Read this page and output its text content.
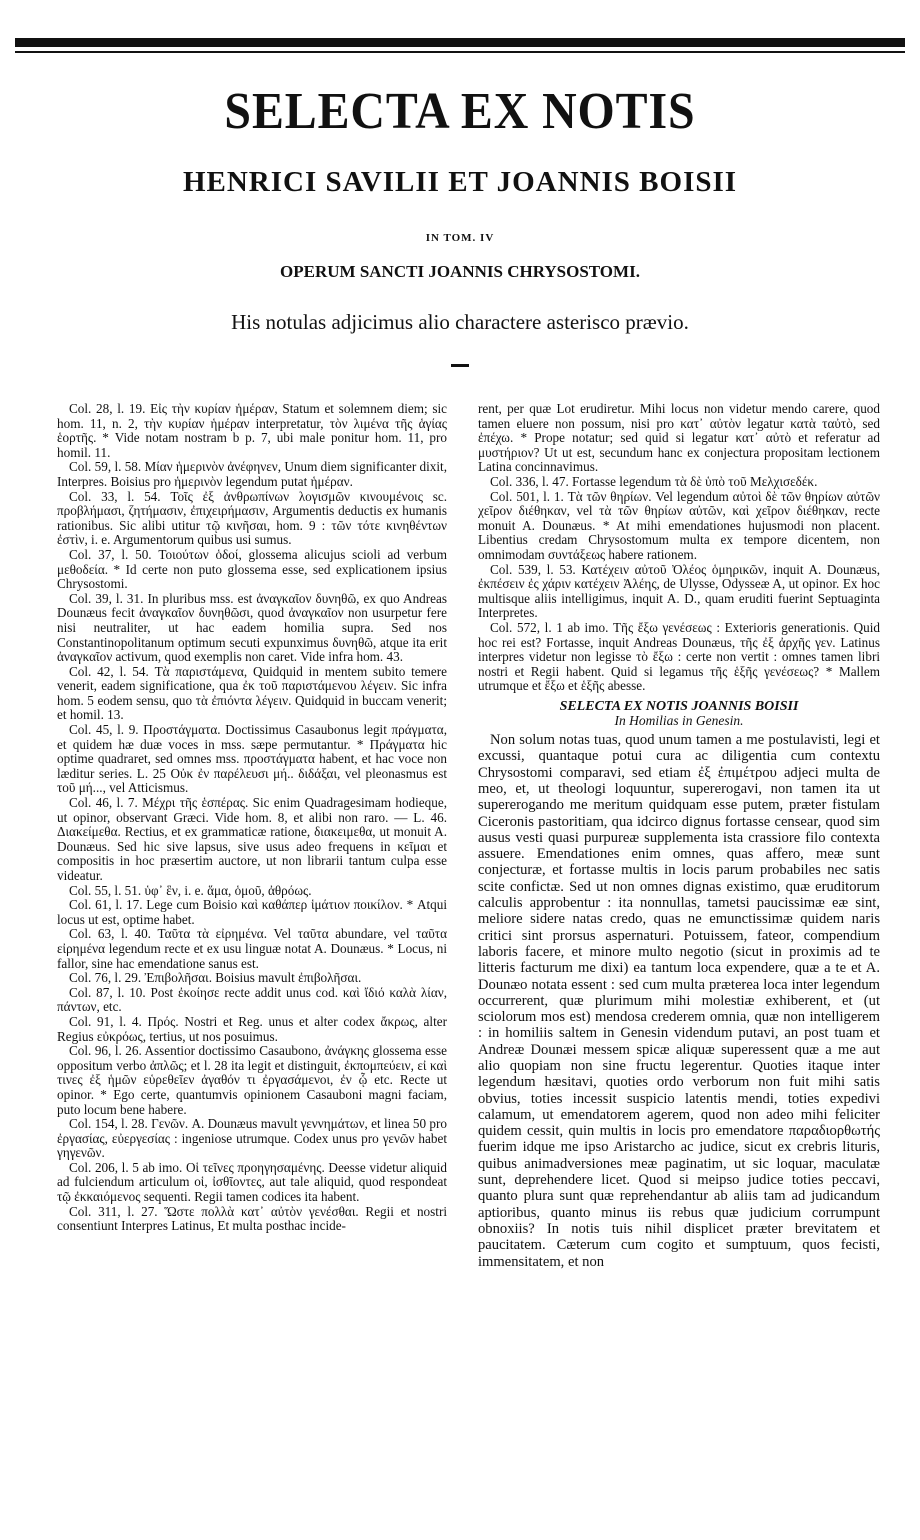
SELECTA EX NOTIS
HENRICI SAVILII ET JOANNIS BOISII
IN TOM. IV
OPERUM SANCTI JOANNIS CHRYSOSTOMI.
His notulas adjicimus alio charactere asterisco prævio.

Col. 28, l. 19. Εἰς τὴν κυρίαν ἡμέραν, Statum et solemnem diem; sic hom. 11, n. 2, τὴν κυρίαν ἡμέραν interpretatur, τὸν λιμένα τῆς ἁγίας ἑορτῆς. * Vide notam nostram b p. 7, ubi male ponitur hom. 11, pro homil. 11.

Col. 59, l. 58. Μίαν ἡμερινὸν ἀνέφηνεν, Unum diem significanter dixit, Interpres. Boisius pro ἡμερινὸν legendum putat ἡμέραν.

Col. 33, l. 54. Τοῖς ἐξ ἀνθρωπίνων λογισμῶν κινουμένοις sc. προβλήμασι, ζητήμασιν, ἐπιχειρήμασιν, Argumentis deductis ex humanis rationibus. Sic alibi utitur τῷ κινῆσαι, hom. 9 : τῶν τότε κινηθέντων ἐστὶν, i. e. Argumentorum quibus usi sumus.

Col. 37, l. 50. Τοιούτων ὁδοί, glossema alicujus scioli ad verbum μεθοδεία. * Id certe non puto glossema esse, sed explicationem ipsius Chrysostomi.

Col. 39, l. 31. In pluribus mss. est ἀναγκαῖον δυνηθῶ, ex quo Andreas Dounæus fecit ἀναγκαῖον δυνηθῶσι, quod ἀναγκαῖον non usurpetur fere nisi neutraliter, ut hac eadem homilia supra. Sed nos Constantinopolitanum optimum secuti expunximus δυνηθῶ, atque ita erit ἀναγκαῖον activum, quod exemplis non caret. Vide infra hom. 43.

Col. 42, l. 54. Τὰ παριστάμενα, Quidquid in mentem subito temere venerit, eadem significatione, qua ἐκ τοῦ παριστάμενου λέγειν. Sic infra hom. 5 eodem sensu, quo τὰ ἐπιόντα λέγειν. Quidquid in buccam venerit; et homil. 13.

Col. 45, l. 9. Προστάγματα. Doctissimus Casaubonus legit πράγματα, et quidem hæ duæ voces in mss. sæpe permutantur. * Πράγματα hic optime quadraret, sed omnes mss. προστάγματα habent, et hac voce non læditur series. L. 25 Οὐκ ἐν παρέλευσι μή.. διδάξαι, vel pleonasmus est τοῦ μή..., vel Atticismus.

Col. 46, l. 7. Μέχρι τῆς ἑσπέρας. Sic enim Quadragesimam hodieque, ut opinor, observant Græci. Vide hom. 8, et alibi non raro. — L. 46. Διακείμεθα. Rectius, et ex grammaticæ ratione, διακειμεθα, ut monuit A. Dounæus. Sed hic sive lapsus, sive usus adeo frequens in κεῖμαι et compositis in hoc præsertim auctore, ut non librarii tantum culpa esse videatur.

Col. 55, l. 51. ὑφ᾽ ἓν, i. e. ἅμα, ὁμοῦ, ἀθρόως.

Col. 61, l. 17. Lege cum Boisio καὶ καθάπερ ἱμάτιον ποικίλον. * Atqui locus ut est, optime habet.

Col. 63, l. 40. Ταῦτα τὰ εἰρημένα. Vel ταῦτα abundare, vel ταῦτα εἰρημένα legendum recte et ex usu linguæ notat A. Dounæus. * Locus, ni fallor, sine hac emendatione sanus est.

Col. 76, l. 29. Ἐπιβολῆσαι. Boisius mavult ἐπιβολῆσαι.

Col. 87, l. 10. Post ἐκοίησε recte addit unus cod. καὶ ἴδιό καλὰ λίαν, πάντων, etc.

Col. 91, l. 4. Πρός. Nostri et Reg. unus et alter codex ἄκρως, alter Regius εὐκρόως, tertius, ut nos posuimus.

Col. 96, l. 26. Assentior doctissimo Casaubono, ἀνάγκης glossema esse oppositum verbo ἀπλῶς; et l. 28 ita legit et distinguit, ἐκπομπεύειν, εἰ καὶ τινες ἐξ ἡμῶν εὑρεθεῖεν ἀγαθόν τι ἐργασάμενοι, ἐν ᾧ etc. Recte ut opinor. * Ego certe, quantumvis opinionem Casauboni magni faciam, puto locum bene habere.

Col. 154, l. 28. Γενῶν. A. Dounæus mavult γεννημάτων, et linea 50 pro ἐργασίας, εὐεργεσίας : ingeniose utrumque. Codex unus pro γενῶν habet γηγενῶν.

Col. 206, l. 5 ab imo. Οἱ τεῖνες προηγησαμένης. Deesse videtur aliquid ad fulciendum articulum οἱ, ἰσθῖοντες, aut tale aliquid, quod respondeat τῷ ἐκκαιόμενος sequenti. Regii tamen codices ita habent.

Col. 311, l. 27. Ὥστε πολλὰ κατ᾽ αὐτὸν γενέσθαι. Regii et nostri consentiunt Interpres Latinus, Et multa posthac incide-

rent, per quæ Lot erudiretur. Mihi locus non videtur mendo carere, quod tamen eluere non possum, nisi pro κατ᾽ αὐτὸν legatur κατὰ ταὐτὸ, sed ἐπέχω. * Prope notatur; sed quid si legatur κατ᾽ αὐτὸ et referatur ad μυστήριον? Ut ut est, secundum hanc ex conjectura propositam lectionem Latina concinnavimus.

Col. 336, l. 47. Fortasse legendum τὰ δὲ ὑπὸ τοῦ Μελχισεδέκ.

Col. 501, l. 1. Τὰ τῶν θηρίων. Vel legendum αὐτοὶ δὲ τῶν θηρίων αὐτῶν χεῖρον διέθηκαν, vel τὰ τῶν θηρίων αὐτῶν, καὶ χεῖρον διέθηκαν, recte monuit A. Dounæus. * At mihi emendationes hujusmodi non placent. Libentius credam Chrysostomum multa ex tempore dicentem, non omnimodam συντάξεως habere rationem.

Col. 539, l. 53. Κατέχειν αὐτοῦ Ὀλέος ὁμηρικῶν, inquit A. Dounæus, ἐκπέσειν ἐς χάριν κατέχειν Ἀλέης, de Ulysse, Odysseæ A, ut opinor. Ex hoc multisque aliis intelligimus, inquit A. D., quam eruditi fuerint Septuaginta Interpretes.

Col. 572, l. 1 ab imo. Τῆς ἔξω γενέσεως : Exterioris generationis. Quid hoc rei est? Fortasse, inquit Andreas Dounæus, τῆς ἐξ ἀρχῆς γεν. Latinus interpres videtur non legisse τὸ ἔξω : certe non vertit : omnes tamen libri nostri et Regii habent. Quid si legamus τῆς ἑξῆς γενέσεως? * Mallem utrumque et ἔξω et ἑξῆς abesse.

SELECTA EX NOTIS JOANNIS BOISII
In Homilias in Genesin.

Non solum notas tuas, quod unum tamen a me postulavisti, legi et excussi, quantaque potui cura ac diligentia cum contextu Chrysostomi comparavi, sed etiam ἐξ ἐπιμέτρου adjeci multa de meo, et, ut theologi loquuntur, supererogavi, non tamen ita ut supererogando me meritum quidquam esse putem, præter fistulam Ciceronis pastoritiam, qua idcirco dignus fortasse censear, quod sim ausus vesti quasi purpureæ supplementa ista crassiore filo contexta assuere. Emendationes enim omnes, quas affero, meæ sunt conjecturæ, et fortasse multis in locis parum probabiles nec satis scite confictæ. Sed ut non omnes dignas existimo, quæ eruditorum calculis approbentur : ita nonnullas, tametsi paucissimæ eæ sint, meliore sidere natas credo, quas ne emunctissimæ quidem naris critici sint prorsus aspernaturi. Potuissem, fateor, compendium laboris facere, et minore multo negotio (sicut in proximis ad te litteris facturum me dixi) ea tantum loca expendere, quæ a te et A. Dounæo notata essent : sed cum multa præterea loca inter legendum occurrerent, quæ plurimum mihi molestiæ exhiberent, et (ut sciolorum mos est) mendosa crederem omnia, quæ non intelligerem : in homiliis saltem in Genesin videndum putavi, an post tuam et Andreæ Dounæi messem spicæ aliquæ superessent quæ a me aut alio quopiam non sine fructu legerentur. Quoties itaque inter legendum hæsitavi, quoties ordo verborum non fuit mihi satis obvius, toties incessit suspicio latentis mendi, toties expedivi calamum, ut emendatorem agerem, quod non adeo mihi feliciter quidem cessit, quin multis in locis pro emendatore παραδιορθωτής fuerim idque me ipso Aristarcho ac judice, sicut ex crebris lituris, quibus animadversiones meæ paginatim, ut sic loquar, maculatæ sunt, deprehendere licet. Quod si meipso judice toties peccavi, quanto plura sunt quæ reprehendantur ab aliis tam ad judicandum aptioribus, quanto minus iis rebus quæ judicium corrumpunt obnoxiis? In notis tuis nihil displicet præter brevitatem et paucitatem. Cæterum cum cogito et sumptuum, quos fecisti, immensitatem, et non
